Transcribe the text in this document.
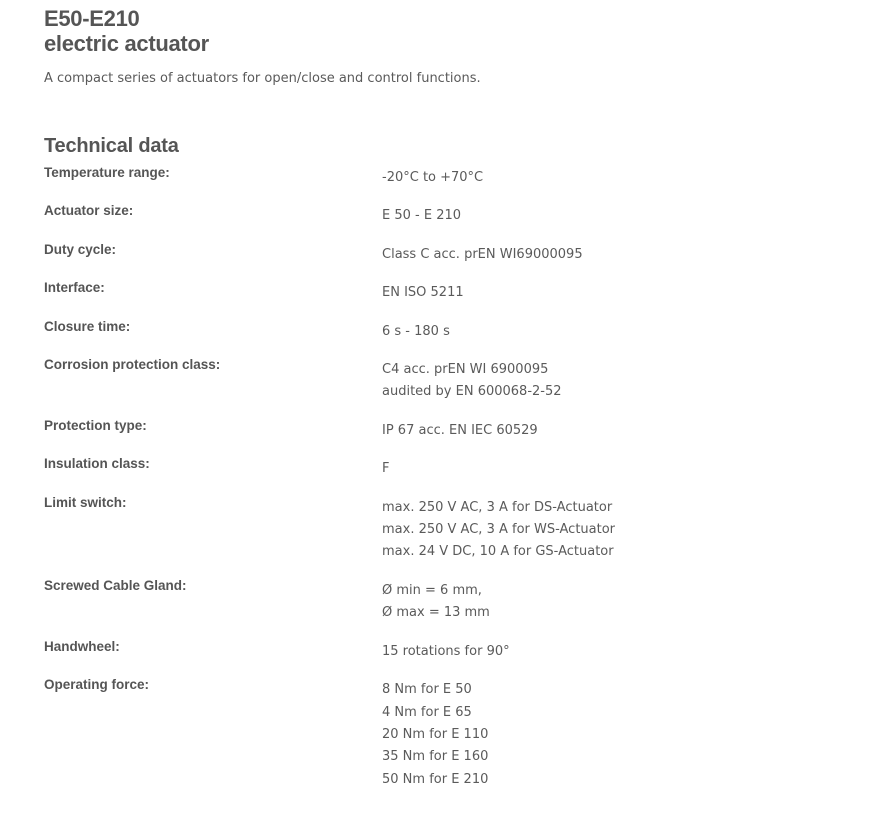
E50-E210
electric actuator

A compact series of actuators for open/close and control functions.

Technical data
Temperature range:	-20°C to +70°C
Actuator size:	E 50 - E 210
Duty cycle:	Class C acc. prEN WI69000095
Interface:	EN ISO 5211
Closure time:	6 s - 180 s
Corrosion protection class:	C4 acc. prEN WI 6900095
audited by EN 600068-2-52
Protection type:	IP 67 acc. EN IEC 60529
Insulation class:	F
Limit switch:	max. 250 V AC, 3 A for DS-Actuator
max. 250 V AC, 3 A for WS-Actuator
max. 24 V DC, 10 A for GS-Actuator
Screwed Cable Gland:	Ø min = 6 mm,
Ø max = 13 mm
Handwheel:	15 rotations for 90°
Operating force:	8 Nm for E 50
4 Nm for E 65
20 Nm for E 110
35 Nm for E 160
50 Nm for E 210
